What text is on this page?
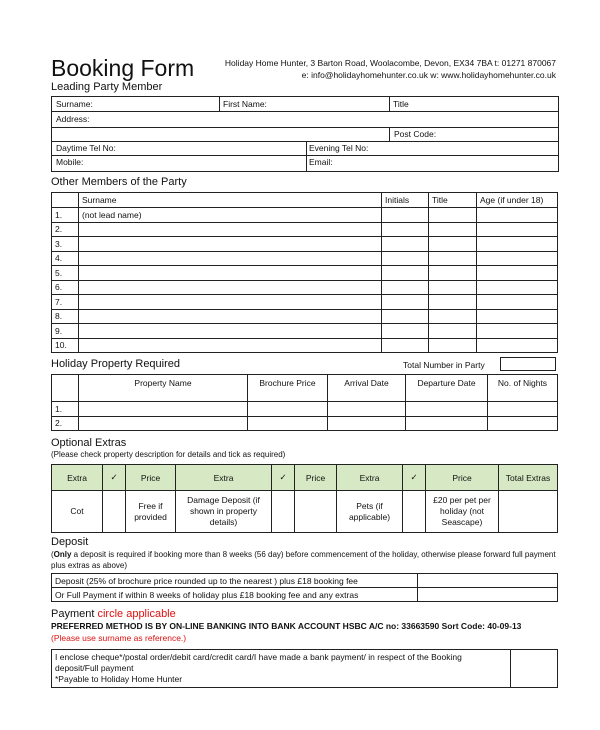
Booking Form	Holiday Home Hunter, 3 Barton Road, Woolacombe, Devon, EX34 7BA t: 01271 870067
e: info@holidayhomehunter.co.uk w: www.holidayhomehunter.co.uk
Leading Party Member
Surname:	First Name:	Title
Address:
Post Code:
Daytime Tel No:	Evening Tel No:
Mobile:	Email:
Other Members of the Party
	Surname	Initials	Title	Age (if under 18)
1.	(not lead name)			
2.				
3.				
4.				
5.				
6.				
7.				
8.				
9.				
10.				
Holiday Property Required	Total Number in Party
	Property Name	Brochure Price	Arrival Date	Departure Date	No. of Nights
1.					
2.					
Optional Extras
(Please check property description for details and tick as required)
Extra	✓	Price	Extra	✓	Price	Extra	✓	Price	Total Extras
Cot		Free if provided	Damage Deposit (if shown in property details)			Pets (if applicable)		£20 per pet per holiday (not Seascape)	
Deposit
(Only a deposit is required if booking more than 8 weeks (56 day) before commencement of the holiday, otherwise please forward full payment plus extras as above)
Deposit (25% of brochure price rounded up to the nearest ) plus £18 booking fee	
Or Full Payment if within 8 weeks of holiday plus £18 booking fee and any extras	
Payment circle applicable
PREFERRED METHOD IS BY ON-LINE BANKING INTO BANK ACCOUNT HSBC A/C no: 33663590 Sort Code: 40-09-13
(Please use surname as reference.)
I enclose cheque*/postal order/debit card/credit card/I have made a bank payment/ in respect of the Booking deposit/Full payment
*Payable to Holiday Home Hunter
